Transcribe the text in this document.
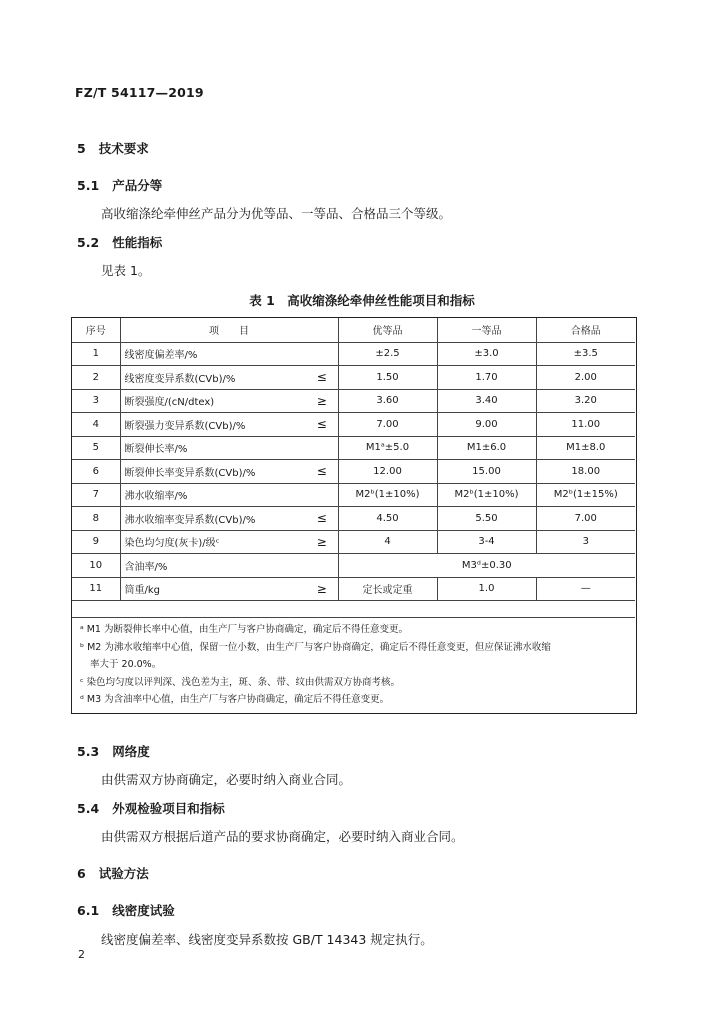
FZ/T 54117—2019
5 技术要求
5.1 产品分等
高收缩涤纶牵伸丝产品分为优等品、一等品、合格品三个等级。
5.2 性能指标
见表 1。
表 1　高收缩涤纶牵伸丝性能项目和指标
序号	项　　目		优等品	一等品	合格品
1	线密度偏差率/%		±2.5	±3.0	±3.5
2	线密度变异系数(CVb)/%	≤	1.50	1.70	2.00
3	断裂强度/(cN/dtex)	≥	3.60	3.40	3.20
4	断裂强力变异系数(CVb)/%	≤	7.00	9.00	11.00
5	断裂伸长率/%		M1ᵃ±5.0	M1±6.0	M1±8.0
6	断裂伸长率变异系数(CVb)/%	≤	12.00	15.00	18.00
7	沸水收缩率/%		M2ᵇ(1±10%)	M2ᵇ(1±10%)	M2ᵇ(1±15%)
8	沸水收缩率变异系数(CVb)/%	≤	4.50	5.50	7.00
9	染色均匀度(灰卡)/级ᶜ	≥	4	3-4	3
10	含油率/%		M3ᵈ±0.30		
11	筒重/kg	≥	定长或定重	1.0	—
ᵃ M1 为断裂伸长率中心值，由生产厂与客户协商确定，确定后不得任意变更。
ᵇ M2 为沸水收缩率中心值，保留一位小数，由生产厂与客户协商确定，确定后不得任意变更，但应保证沸水收缩
率大于 20.0%。
ᶜ 染色均匀度以评判深、浅色差为主，斑、条、带、纹由供需双方协商考核。
ᵈ M3 为含油率中心值，由生产厂与客户协商确定，确定后不得任意变更。
5.3 网络度
由供需双方协商确定，必要时纳入商业合同。
5.4 外观检验项目和指标
由供需双方根据后道产品的要求协商确定，必要时纳入商业合同。
6 试验方法
6.1 线密度试验
线密度偏差率、线密度变异系数按 GB/T 14343 规定执行。
2
